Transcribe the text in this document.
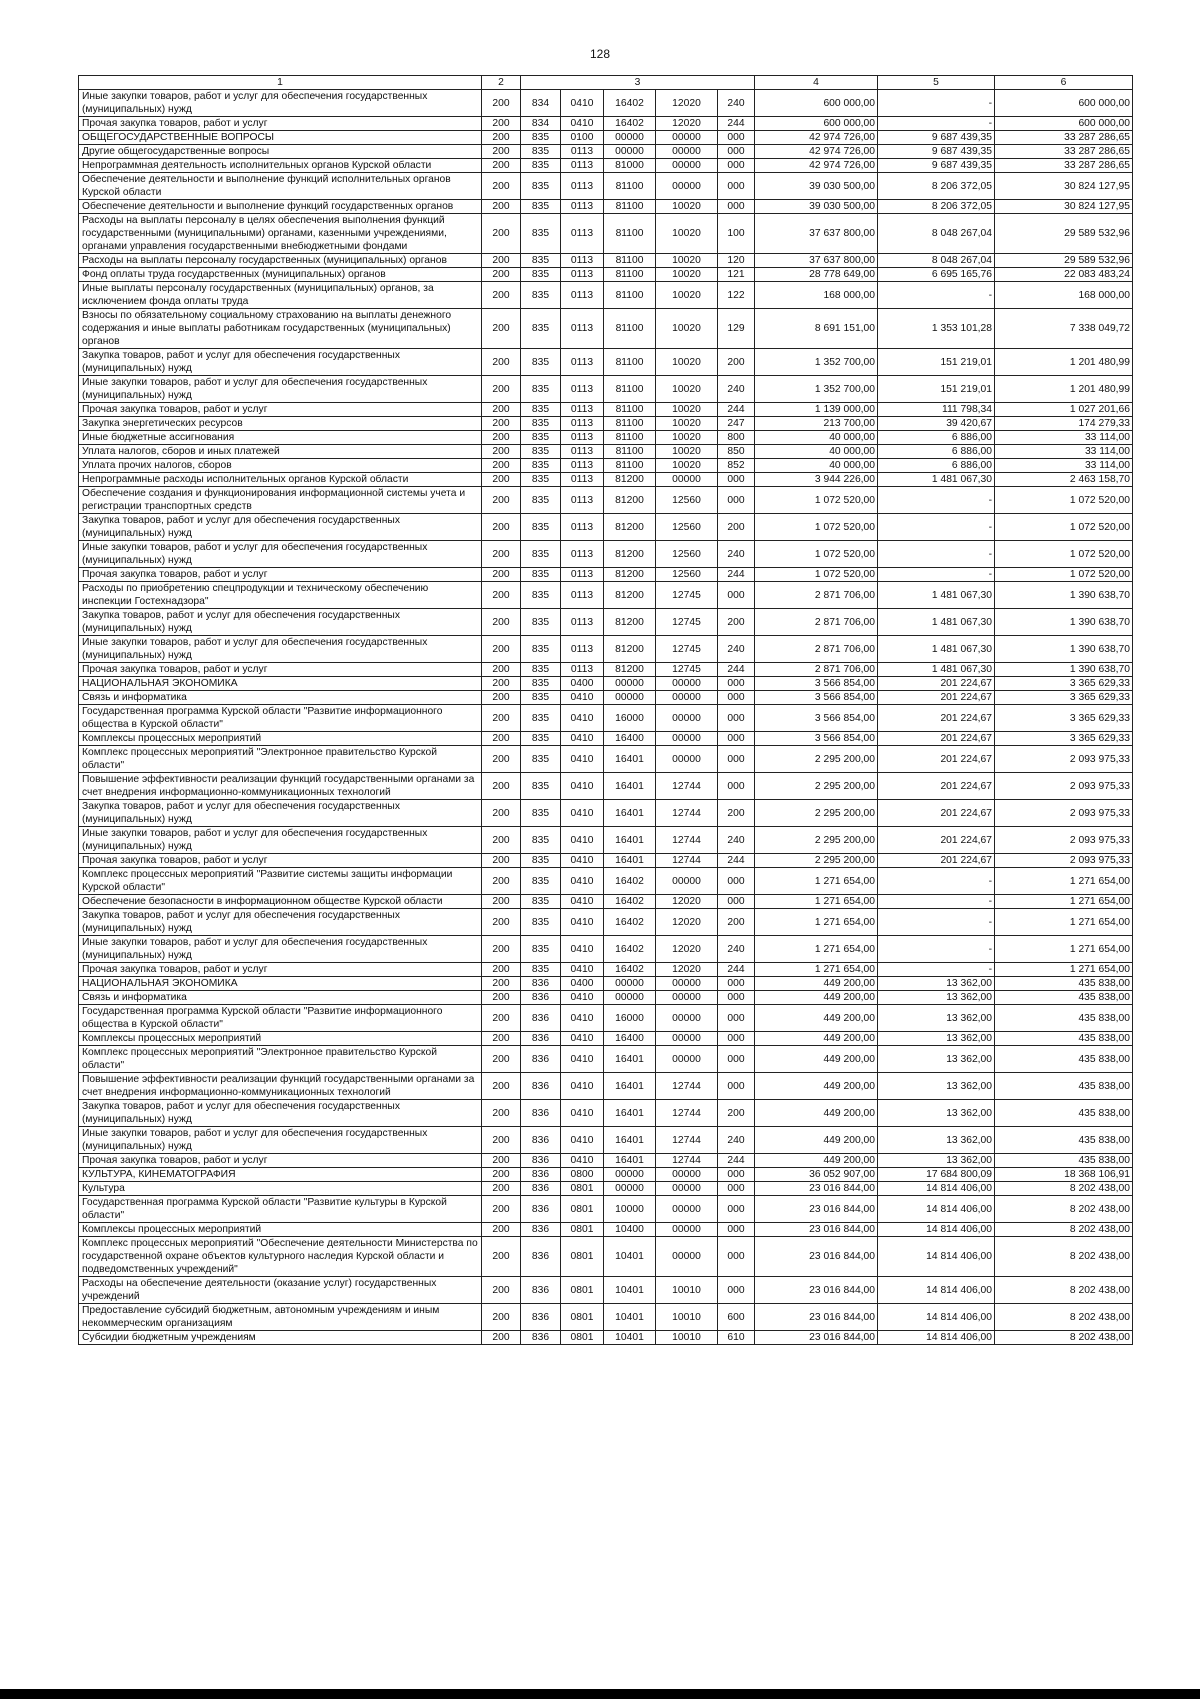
128
1	2	3					4	5	6
Иные закупки товаров, работ и услуг для обеспечения государственных (муниципальных) нужд	200	834	0410	16402	12020	240	600 000,00	-	600 000,00
Прочая закупка товаров, работ и услуг	200	834	0410	16402	12020	244	600 000,00	-	600 000,00
ОБЩЕГОСУДАРСТВЕННЫЕ ВОПРОСЫ	200	835	0100	00000	00000	000	42 974 726,00	9 687 439,35	33 287 286,65
Другие общегосударственные вопросы	200	835	0113	00000	00000	000	42 974 726,00	9 687 439,35	33 287 286,65
Непрограммная деятельность исполнительных органов Курской области	200	835	0113	81000	00000	000	42 974 726,00	9 687 439,35	33 287 286,65
Обеспечение деятельности и выполнение функций исполнительных органов Курской области	200	835	0113	81100	00000	000	39 030 500,00	8 206 372,05	30 824 127,95
Обеспечение деятельности и выполнение функций государственных органов	200	835	0113	81100	10020	000	39 030 500,00	8 206 372,05	30 824 127,95
Расходы на выплаты персоналу в целях обеспечения выполнения функций государственными (муниципальными) органами, казенными учреждениями, органами управления государственными внебюджетными фондами	200	835	0113	81100	10020	100	37 637 800,00	8 048 267,04	29 589 532,96
Расходы на выплаты персоналу государственных (муниципальных) органов	200	835	0113	81100	10020	120	37 637 800,00	8 048 267,04	29 589 532,96
Фонд оплаты труда государственных (муниципальных) органов	200	835	0113	81100	10020	121	28 778 649,00	6 695 165,76	22 083 483,24
Иные выплаты персоналу государственных (муниципальных) органов, за исключением фонда оплаты труда	200	835	0113	81100	10020	122	168 000,00	-	168 000,00
Взносы по обязательному социальному страхованию на выплаты денежного содержания и иные выплаты работникам государственных (муниципальных) органов	200	835	0113	81100	10020	129	8 691 151,00	1 353 101,28	7 338 049,72
Закупка товаров, работ и услуг для обеспечения государственных (муниципальных) нужд	200	835	0113	81100	10020	200	1 352 700,00	151 219,01	1 201 480,99
Иные закупки товаров, работ и услуг для обеспечения государственных (муниципальных) нужд	200	835	0113	81100	10020	240	1 352 700,00	151 219,01	1 201 480,99
Прочая закупка товаров, работ и услуг	200	835	0113	81100	10020	244	1 139 000,00	111 798,34	1 027 201,66
Закупка энергетических ресурсов	200	835	0113	81100	10020	247	213 700,00	39 420,67	174 279,33
Иные бюджетные ассигнования	200	835	0113	81100	10020	800	40 000,00	6 886,00	33 114,00
Уплата налогов, сборов и иных платежей	200	835	0113	81100	10020	850	40 000,00	6 886,00	33 114,00
Уплата прочих налогов, сборов	200	835	0113	81100	10020	852	40 000,00	6 886,00	33 114,00
Непрограммные расходы исполнительных органов Курской области	200	835	0113	81200	00000	000	3 944 226,00	1 481 067,30	2 463 158,70
Обеспечение создания и функционирования информационной системы учета и регистрации транспортных средств	200	835	0113	81200	12560	000	1 072 520,00	-	1 072 520,00
Закупка товаров, работ и услуг для обеспечения государственных (муниципальных) нужд	200	835	0113	81200	12560	200	1 072 520,00	-	1 072 520,00
Иные закупки товаров, работ и услуг для обеспечения государственных (муниципальных) нужд	200	835	0113	81200	12560	240	1 072 520,00	-	1 072 520,00
Прочая закупка товаров, работ и услуг	200	835	0113	81200	12560	244	1 072 520,00	-	1 072 520,00
Расходы по приобретению спецпродукции и техническому обеспечению инспекции Гостехнадзора"	200	835	0113	81200	12745	000	2 871 706,00	1 481 067,30	1 390 638,70
Закупка товаров, работ и услуг для обеспечения государственных (муниципальных) нужд	200	835	0113	81200	12745	200	2 871 706,00	1 481 067,30	1 390 638,70
Иные закупки товаров, работ и услуг для обеспечения государственных (муниципальных) нужд	200	835	0113	81200	12745	240	2 871 706,00	1 481 067,30	1 390 638,70
Прочая закупка товаров, работ и услуг	200	835	0113	81200	12745	244	2 871 706,00	1 481 067,30	1 390 638,70
НАЦИОНАЛЬНАЯ ЭКОНОМИКА	200	835	0400	00000	00000	000	3 566 854,00	201 224,67	3 365 629,33
Связь и информатика	200	835	0410	00000	00000	000	3 566 854,00	201 224,67	3 365 629,33
Государственная программа Курской области "Развитие информационного общества в Курской области"	200	835	0410	16000	00000	000	3 566 854,00	201 224,67	3 365 629,33
Комплексы процессных мероприятий	200	835	0410	16400	00000	000	3 566 854,00	201 224,67	3 365 629,33
Комплекс процессных мероприятий "Электронное правительство Курской области"	200	835	0410	16401	00000	000	2 295 200,00	201 224,67	2 093 975,33
Повышение эффективности реализации функций государственными органами за счет внедрения информационно-коммуникационных технологий	200	835	0410	16401	12744	000	2 295 200,00	201 224,67	2 093 975,33
Закупка товаров, работ и услуг для обеспечения государственных (муниципальных) нужд	200	835	0410	16401	12744	200	2 295 200,00	201 224,67	2 093 975,33
Иные закупки товаров, работ и услуг для обеспечения государственных (муниципальных) нужд	200	835	0410	16401	12744	240	2 295 200,00	201 224,67	2 093 975,33
Прочая закупка товаров, работ и услуг	200	835	0410	16401	12744	244	2 295 200,00	201 224,67	2 093 975,33
Комплекс процессных мероприятий "Развитие системы защиты информации Курской области"	200	835	0410	16402	00000	000	1 271 654,00	-	1 271 654,00
Обеспечение безопасности в информационном обществе Курской области	200	835	0410	16402	12020	000	1 271 654,00	-	1 271 654,00
Закупка товаров, работ и услуг для обеспечения государственных (муниципальных) нужд	200	835	0410	16402	12020	200	1 271 654,00	-	1 271 654,00
Иные закупки товаров, работ и услуг для обеспечения государственных (муниципальных) нужд	200	835	0410	16402	12020	240	1 271 654,00	-	1 271 654,00
Прочая закупка товаров, работ и услуг	200	835	0410	16402	12020	244	1 271 654,00	-	1 271 654,00
НАЦИОНАЛЬНАЯ ЭКОНОМИКА	200	836	0400	00000	00000	000	449 200,00	13 362,00	435 838,00
Связь и информатика	200	836	0410	00000	00000	000	449 200,00	13 362,00	435 838,00
Государственная программа Курской области "Развитие информационного общества в Курской области"	200	836	0410	16000	00000	000	449 200,00	13 362,00	435 838,00
Комплексы процессных мероприятий	200	836	0410	16400	00000	000	449 200,00	13 362,00	435 838,00
Комплекс процессных мероприятий "Электронное правительство Курской области"	200	836	0410	16401	00000	000	449 200,00	13 362,00	435 838,00
Повышение эффективности реализации функций государственными органами за счет внедрения информационно-коммуникационных технологий	200	836	0410	16401	12744	000	449 200,00	13 362,00	435 838,00
Закупка товаров, работ и услуг для обеспечения государственных (муниципальных) нужд	200	836	0410	16401	12744	200	449 200,00	13 362,00	435 838,00
Иные закупки товаров, работ и услуг для обеспечения государственных (муниципальных) нужд	200	836	0410	16401	12744	240	449 200,00	13 362,00	435 838,00
Прочая закупка товаров, работ и услуг	200	836	0410	16401	12744	244	449 200,00	13 362,00	435 838,00
КУЛЬТУРА, КИНЕМАТОГРАФИЯ	200	836	0800	00000	00000	000	36 052 907,00	17 684 800,09	18 368 106,91
Культура	200	836	0801	00000	00000	000	23 016 844,00	14 814 406,00	8 202 438,00
Государственная программа Курской области "Развитие культуры в Курской области"	200	836	0801	10000	00000	000	23 016 844,00	14 814 406,00	8 202 438,00
Комплексы процессных мероприятий	200	836	0801	10400	00000	000	23 016 844,00	14 814 406,00	8 202 438,00
Комплекс процессных мероприятий "Обеспечение деятельности Министерства по государственной охране объектов культурного наследия Курской области и подведомственных учреждений"	200	836	0801	10401	00000	000	23 016 844,00	14 814 406,00	8 202 438,00
Расходы на обеспечение деятельности (оказание услуг) государственных учреждений	200	836	0801	10401	10010	000	23 016 844,00	14 814 406,00	8 202 438,00
Предоставление субсидий бюджетным, автономным учреждениям и иным некоммерческим организациям	200	836	0801	10401	10010	600	23 016 844,00	14 814 406,00	8 202 438,00
Субсидии бюджетным учреждениям	200	836	0801	10401	10010	610	23 016 844,00	14 814 406,00	8 202 438,00
